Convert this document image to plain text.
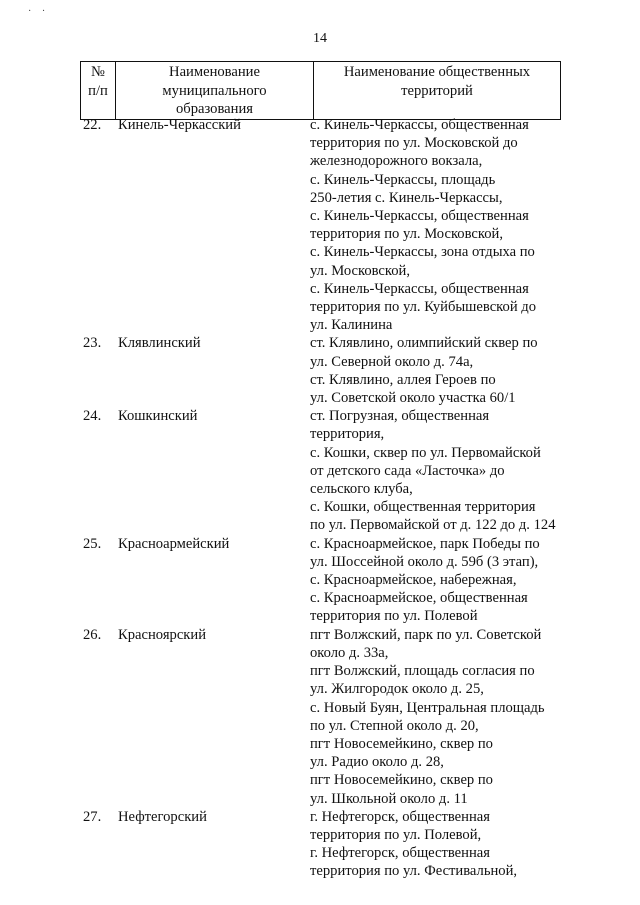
· ·
14
№
п/п

Наименование
муниципального
образования

Наименование общественных
территорий
22.	Кинель-Черкасский	с. Кинель-Черкассы, общественная
территория по ул. Московской до
железнодорожного вокзала,
с. Кинель-Черкассы, площадь
250-летия с. Кинель-Черкассы,
с. Кинель-Черкассы, общественная
территория по ул. Московской,
с. Кинель-Черкассы, зона отдыха по
ул. Московской,
с. Кинель-Черкассы, общественная
территория по ул. Куйбышевской до
ул. Калинина
23.	Клявлинский	ст. Клявлино, олимпийский сквер по
ул. Северной около д. 74а,
ст. Клявлино, аллея Героев по
ул. Советской около участка 60/1
24.	Кошкинский	ст. Погрузная, общественная
территория,
с. Кошки, сквер по ул. Первомайской
от детского сада «Ласточка» до
сельского клуба,
с. Кошки, общественная территория
по ул. Первомайской от д. 122 до д. 124
25.	Красноармейский	с. Красноармейское, парк Победы по
ул. Шоссейной около д. 59б (3 этап),
с. Красноармейское, набережная,
с. Красноармейское, общественная
территория по ул. Полевой
26.	Красноярский	пгт Волжский, парк по ул. Советской
около д. 33а,
пгт Волжский, площадь согласия по
ул. Жилгородок около д. 25,
с. Новый Буян, Центральная площадь
по ул. Степной около д. 20,
пгт Новосемейкино, сквер по
ул. Радио около д. 28,
пгт Новосемейкино, сквер по
ул. Школьной около д. 11
27.	Нефтегорский	г. Нефтегорск, общественная
территория по ул. Полевой,
г. Нефтегорск, общественная
территория по ул. Фестивальной,
